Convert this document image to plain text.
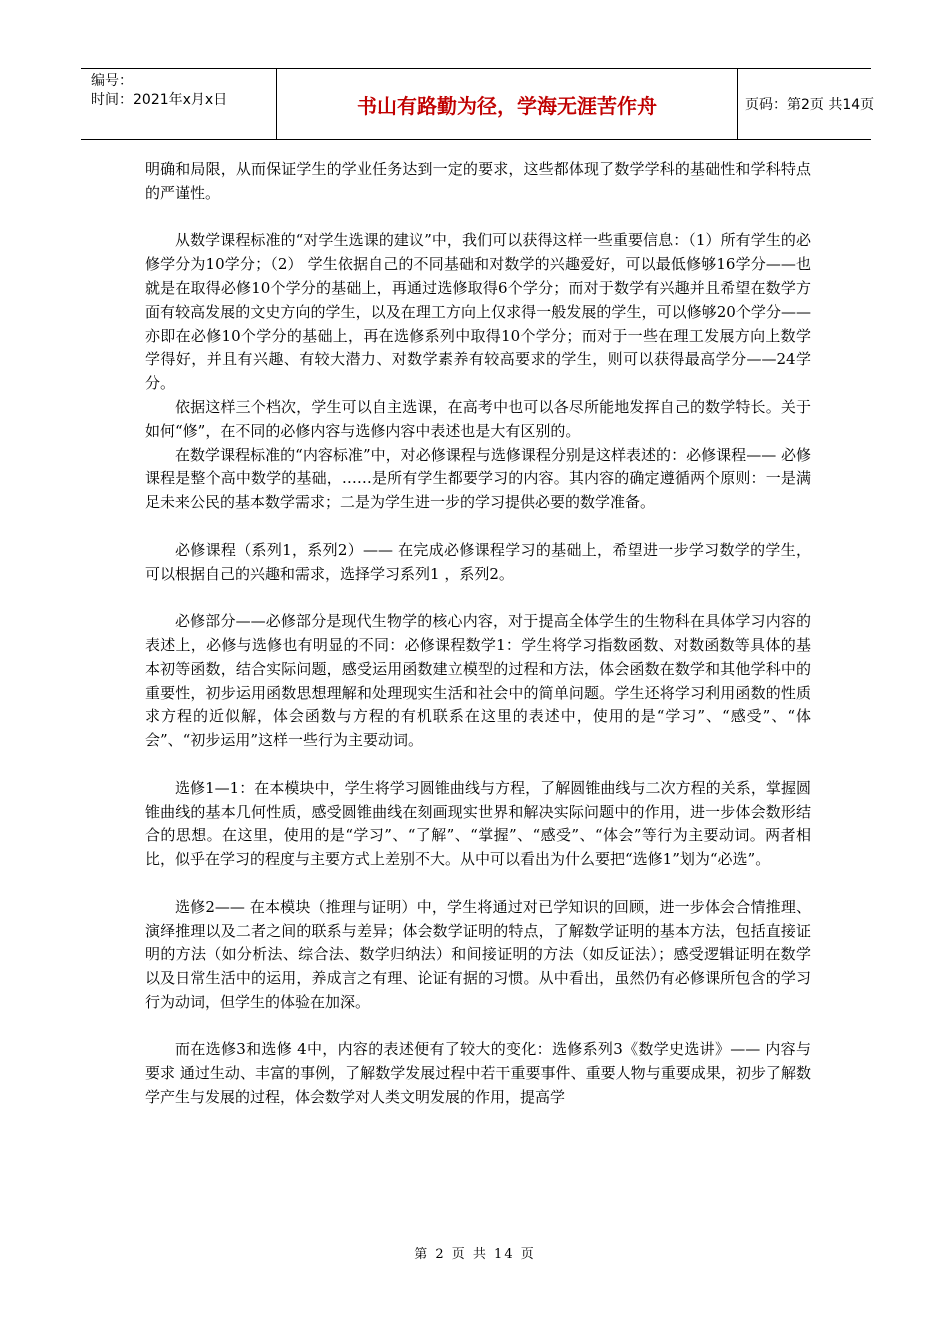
编号：
时间：2021年x月x日	书山有路勤为径，学海无涯苦作舟	页码：第2页 共14页

明确和局限，从而保证学生的学业任务达到一定的要求，这些都体现了数学学科的基础性和学科特点的严谨性。

从数学课程标准的“对学生选课的建议”中，我们可以获得这样一些重要信息：（1）所有学生的必修学分为10学分；（2） 学生依据自己的不同基础和对数学的兴趣爱好，可以最低修够16学分——也就是在取得必修10个学分的基础上，再通过选修取得6个学分；而对于数学有兴趣并且希望在数学方面有较高发展的文史方向的学生，以及在理工方向上仅求得一般发展的学生，可以修够20个学分——亦即在必修10个学分的基础上，再在选修系列中取得10个学分；而对于一些在理工发展方向上数学学得好，并且有兴趣、有较大潜力、对数学素养有较高要求的学生，则可以获得最高学分——24学分。

依据这样三个档次，学生可以自主选课，在高考中也可以各尽所能地发挥自己的数学特长。关于如何“修”，在不同的必修内容与选修内容中表述也是大有区别的。

在数学课程标准的“内容标准”中，对必修课程与选修课程分别是这样表述的：必修课程—— 必修课程是整个高中数学的基础，……是所有学生都要学习的内容。其内容的确定遵循两个原则：一是满足未来公民的基本数学需求；二是为学生进一步的学习提供必要的数学准备。

必修课程（系列1，系列2）—— 在完成必修课程学习的基础上，希望进一步学习数学的学生，可以根据自己的兴趣和需求，选择学习系列1 ，系列2。

必修部分——必修部分是现代生物学的核心内容，对于提高全体学生的生物科在具体学习内容的表述上，必修与选修也有明显的不同：必修课程数学1：学生将学习指数函数、对数函数等具体的基本初等函数，结合实际问题，感受运用函数建立模型的过程和方法，体会函数在数学和其他学科中的重要性，初步运用函数思想理解和处理现实生活和社会中的简单问题。学生还将学习利用函数的性质求方程的近似解，体会函数与方程的有机联系在这里的表述中，使用的是“学习”、“感受”、“体会”、“初步运用”这样一些行为主要动词。

选修1—1：在本模块中，学生将学习圆锥曲线与方程，了解圆锥曲线与二次方程的关系，掌握圆锥曲线的基本几何性质，感受圆锥曲线在刻画现实世界和解决实际问题中的作用，进一步体会数形结合的思想。在这里，使用的是“学习”、“了解”、“掌握”、“感受”、“体会”等行为主要动词。两者相比，似乎在学习的程度与主要方式上差别不大。从中可以看出为什么要把“选修1”划为“必选”。

选修2—— 在本模块（推理与证明）中，学生将通过对已学知识的回顾，进一步体会合情推理、演绎推理以及二者之间的联系与差异；体会数学证明的特点，了解数学证明的基本方法，包括直接证明的方法（如分析法、综合法、数学归纳法）和间接证明的方法（如反证法）；感受逻辑证明在数学以及日常生活中的运用，养成言之有理、论证有据的习惯。从中看出，虽然仍有必修课所包含的学习行为动词，但学生的体验在加深。

而在选修3和选修 4中，内容的表述便有了较大的变化：选修系列3《数学史选讲》—— 内容与要求 通过生动、丰富的事例，了解数学发展过程中若干重要事件、重要人物与重要成果，初步了解数学产生与发展的过程，体会数学对人类文明发展的作用，提高学

第 2 页 共 14 页
